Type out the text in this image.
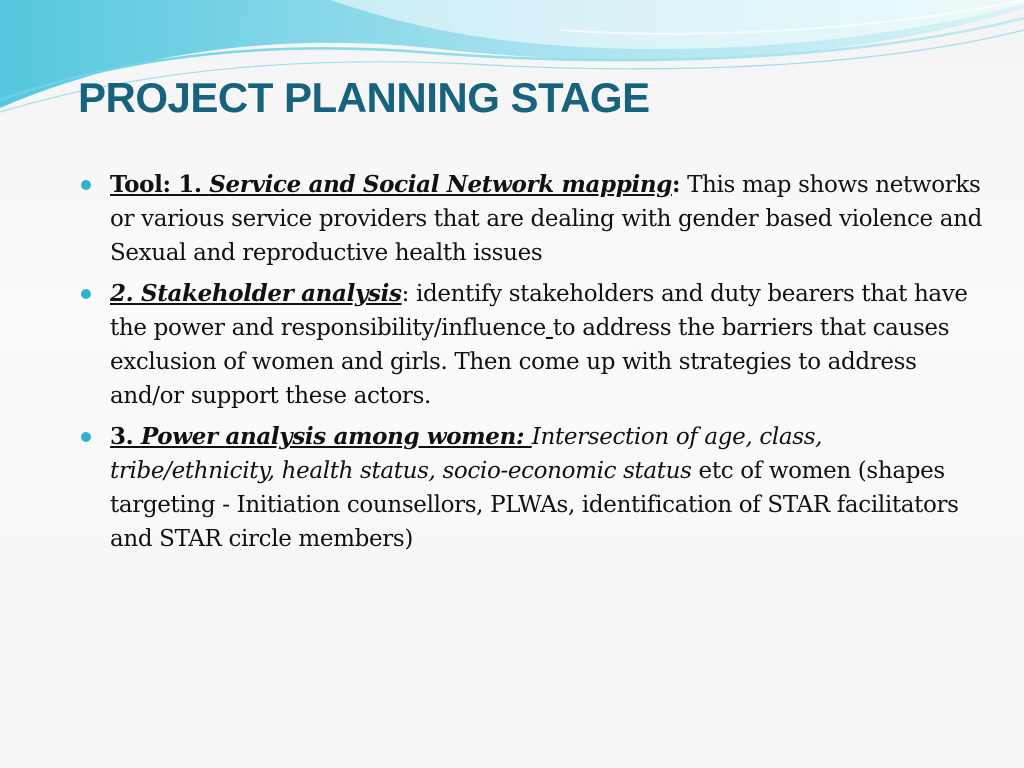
PROJECT PLANNING STAGE
Tool: 1. Service and Social Network mapping: This map shows networks or various service providers that are dealing with gender based violence and Sexual and reproductive health issues
2. Stakeholder analysis: identify stakeholders and duty bearers that have the power and responsibility/influence to address the barriers that causes exclusion of women and girls. Then come up with strategies to address and/or support these actors.
3. Power analysis among women: Intersection of age, class, tribe/ethnicity, health status, socio-economic status etc of women (shapes targeting - Initiation counsellors, PLWAs, identification of STAR facilitators and STAR circle members)
